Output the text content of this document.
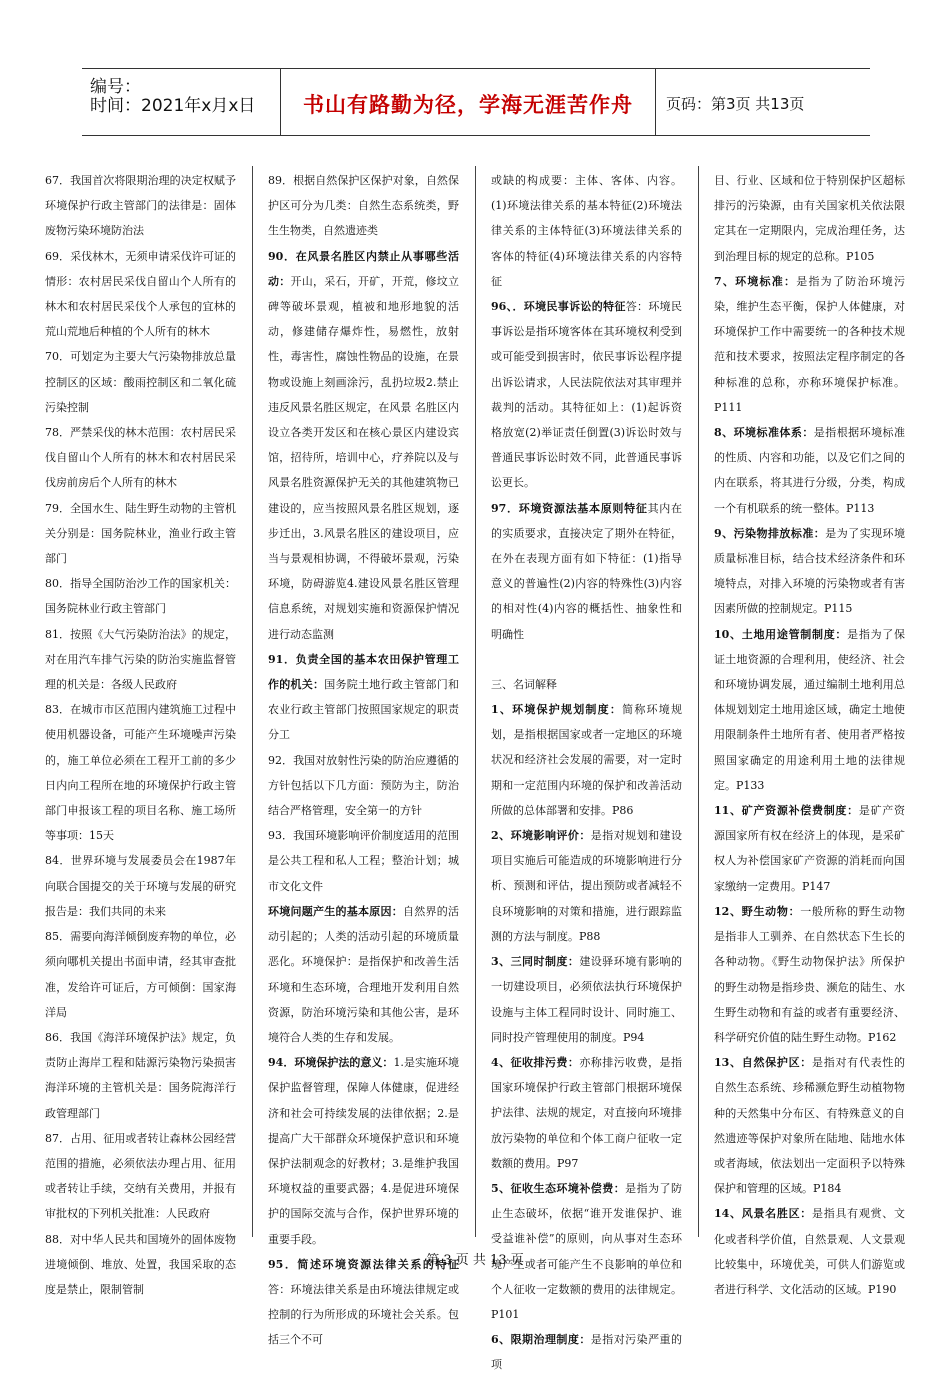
编号：
时间：2021年x月x日	书山有路勤为径，学海无涯苦作舟	页码：第3页 共13页

67．我国首次将限期治理的决定权赋予环境保护行政主管部门的法律是：固体废物污染环境防治法

69．采伐林木，无须申请采伐许可证的情形：农村居民采伐自留山个人所有的林木和农村居民采伐个人承包的宜林的荒山荒地后种植的个人所有的林木

70．可划定为主要大气污染物排放总量控制区的区域：酸雨控制区和二氧化硫污染控制

78．严禁采伐的林木范围：农村居民采伐自留山个人所有的林木和农村居民采伐房前房后个人所有的林木

79．全国水生、陆生野生动物的主管机关分别是：国务院林业，渔业行政主管部门

80．指导全国防治沙工作的国家机关：国务院林业行政主管部门

81．按照《大气污染防治法》的规定，对在用汽车排气污染的防治实施监督管理的机关是：各级人民政府

83．在城市市区范围内建筑施工过程中使用机器设备，可能产生环境噪声污染的，施工单位必须在工程开工前的多少日内向工程所在地的环境保护行政主管部门申报该工程的项目名称、施工场所等事项：15天

84．世界环境与发展委员会在1987年向联合国提交的关于环境与发展的研究报告是：我们共同的未来

85．需要向海洋倾倒废弃物的单位，必须向哪机关提出书面申请，经其审查批准，发给许可证后，方可倾倒：国家海洋局

86．我国《海洋环境保护法》规定，负责防止海岸工程和陆源污染物污染损害海洋环境的主管机关是：国务院海洋行政管理部门

87．占用、征用或者转让森林公园经营范围的措施，必须依法办理占用、征用或者转让手续，交纳有关费用，并报有审批权的下列机关批准：人民政府

88．对中华人民共和国境外的固体废物进境倾倒、堆放、处置，我国采取的态度是禁止，限制管制

89．根据自然保护区保护对象，自然保护区可分为几类：自然生态系统类，野生生物类，自然遗迹类

90．在风景名胜区内禁止从事哪些活动：开山，采石，开矿，开荒，修坟立碑等破坏景观，植被和地形地貌的活动，修建储存爆炸性，易燃性，放射性，毒害性，腐蚀性物品的设施，在景物或设施上刻画涂污，乱扔垃圾2.禁止违反风景名胜区规定，在风景 名胜区内设立各类开发区和在核心景区内建设宾馆，招待所，培训中心，疗养院以及与风景名胜资源保护无关的其他建筑物已建设的，应当按照风景名胜区规划，逐步迁出，3.风景名胜区的建设项目，应当与景观相协调，不得破坏景观，污染环境，防碍游览4.建设风景名胜区管理信息系统，对规划实施和资源保护情况进行动态监测

91．负责全国的基本农田保护管理工作的机关：国务院土地行政主管部门和农业行政主管部门按照国家规定的职责分工

92．我国对放射性污染的防治应遵循的方针包括以下几方面：预防为主，防治结合严格管理，安全第一的方针

93．我国环境影响评价制度适用的范围是公共工程和私人工程；整治计划；城市文化文件

环境问题产生的基本原因：自然界的活动引起的；人类的活动引起的环境质量恶化。环境保护：是指保护和改善生活环境和生态环境，合理地开发利用自然资源，防治环境污染和其他公害，是环境符合人类的生存和发展。

94．环境保护法的意义：1.是实施环境保护监督管理，保障人体健康，促进经济和社会可持续发展的法律依据；2.是提高广大干部群众环境保护意识和环境保护法制观念的好教材；3.是维护我国环境权益的重要武器；4.是促进环境保护的国际交流与合作，保护世界环境的重要手段。

95．简述环境资源法律关系的特征答：环境法律关系是由环境法律规定或控制的行为所形成的环境社会关系。包括三个不可

或缺的构成要：主体、客体、内容。(1)环境法律关系的基本特征(2)环境法律关系的主体特征(3)环境法律关系的客体的特征(4)环境法律关系的内容特征

96、．环境民事诉讼的特征答：环境民事诉讼是指环境客体在其环境权利受到或可能受到损害时，依民事诉讼程序提出诉讼请求，人民法院依法对其审理并裁判的活动。其特征如上：(1)起诉资格放宽(2)举证责任倒置(3)诉讼时效与普通民事诉讼时效不同，此普通民事诉讼更长。

97．环境资源法基本原则特征其内在的实质要求，直接决定了期外在特征，在外在表现方面有如下特征：(1)指导意义的普遍性(2)内容的特殊性(3)内容的相对性(4)内容的概括性、抽象性和明确性

三、名词解释

1、环境保护规划制度：简称环境规划，是指根据国家或者一定地区的环境状况和经济社会发展的需要，对一定时期和一定范围内环境的保护和改善活动所做的总体部署和安排。P86

2、环境影响评价：是指对规划和建设项目实施后可能造成的环境影响进行分析、预测和评估，提出预防或者减轻不良环境影响的对策和措施，进行跟踪监测的方法与制度。P88

3、三同时制度：建设驿环境有影响的一切建设项目，必须依法执行环境保护设施与主体工程同时设计、同时施工、同时投产管理使用的制度。P94

4、征收排污费：亦称排污收费，是指国家环境保护行政主管部门根据环境保护法律、法规的规定，对直接向环境排放污染物的单位和个体工商户征收一定数额的费用。P97

5、征收生态环境补偿费：是指为了防止生态破坏，依据“谁开发谁保护、谁受益谁补偿”的原则，向从事对生态环境产生或者可能产生不良影响的单位和个人征收一定数额的费用的法律规定。P101

6、限期治理制度：是指对污染严重的项

目、行业、区域和位于特别保护区超标排污的污染源，由有关国家机关依法限定其在一定期限内，完成治理任务，达到治理目标的规定的总称。P105

7、环境标准：是指为了防治环境污染，维护生态平衡，保护人体健康，对环境保护工作中需要统一的各种技术规范和技术要求，按照法定程序制定的各种标准的总称，亦称环境保护标准。P111

8、环境标准体系：是指根据环境标准的性质、内容和功能，以及它们之间的内在联系，将其进行分级，分类，构成一个有机联系的统一整体。P113

9、污染物排放标准：是为了实现环境质量标准目标，结合技术经济条件和环境特点，对排入环境的污染物或者有害因素所做的控制规定。P115

10、土地用途管制制度：是指为了保证土地资源的合理利用，使经济、社会和环境协调发展，通过编制土地利用总体规划划定土地用途区域，确定土地使用限制条件土地所有者、使用者严格按照国家确定的用途利用土地的法律规定。P133

11、矿产资源补偿费制度：是矿产资源国家所有权在经济上的体现，是采矿权人为补偿国家矿产资源的消耗而向国家缴纳一定费用。P147

12、野生动物：一般所称的野生动物是指非人工驯养、在自然状态下生长的各种动物。《野生动物保护法》所保护的野生动物是指珍贵、濒危的陆生、水生野生动物和有益的或者有重要经济、科学研究价值的陆生野生动物。P162

13、自然保护区：是指对有代表性的自然生态系统、珍稀濒危野生动植物物种的天然集中分布区、有特殊意义的自然遗迹等保护对象所在陆地、陆地水体或者海域，依法划出一定面积予以特殊保护和管理的区域。P184

14、风景名胜区：是指具有观赏、文化或者科学价值，自然景观、人文景观比较集中，环境优美，可供人们游览或者进行科学、文化活动的区域。P190

第 3 页 共 13 页
